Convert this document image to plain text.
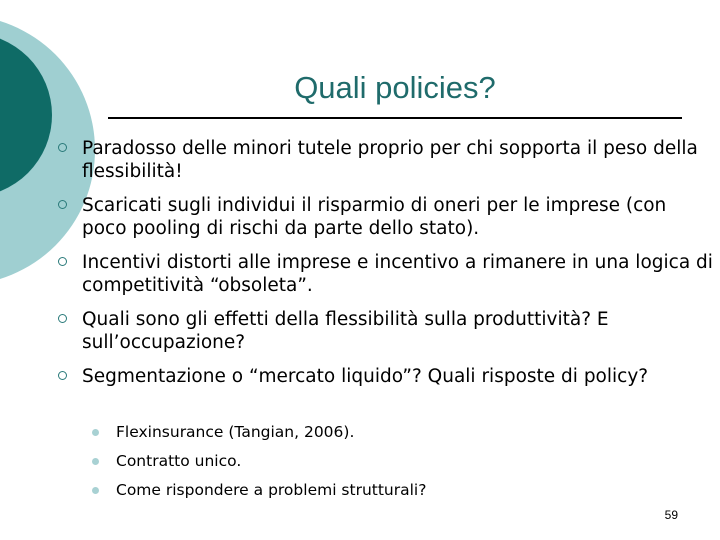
Quali policies?
Paradosso delle minori tutele proprio per chi sopporta il peso della flessibilità!
Scaricati sugli individui il risparmio di oneri per le imprese (con poco pooling di rischi da parte dello stato).
Incentivi distorti alle imprese e incentivo a rimanere in una logica di competitività “obsoleta”.
Quali sono gli effetti della flessibilità sulla produttività? E sull’occupazione?
Segmentazione o “mercato liquido”? Quali risposte di policy?
Flexinsurance (Tangian, 2006).
Contratto unico.
Come rispondere a problemi strutturali?
59
